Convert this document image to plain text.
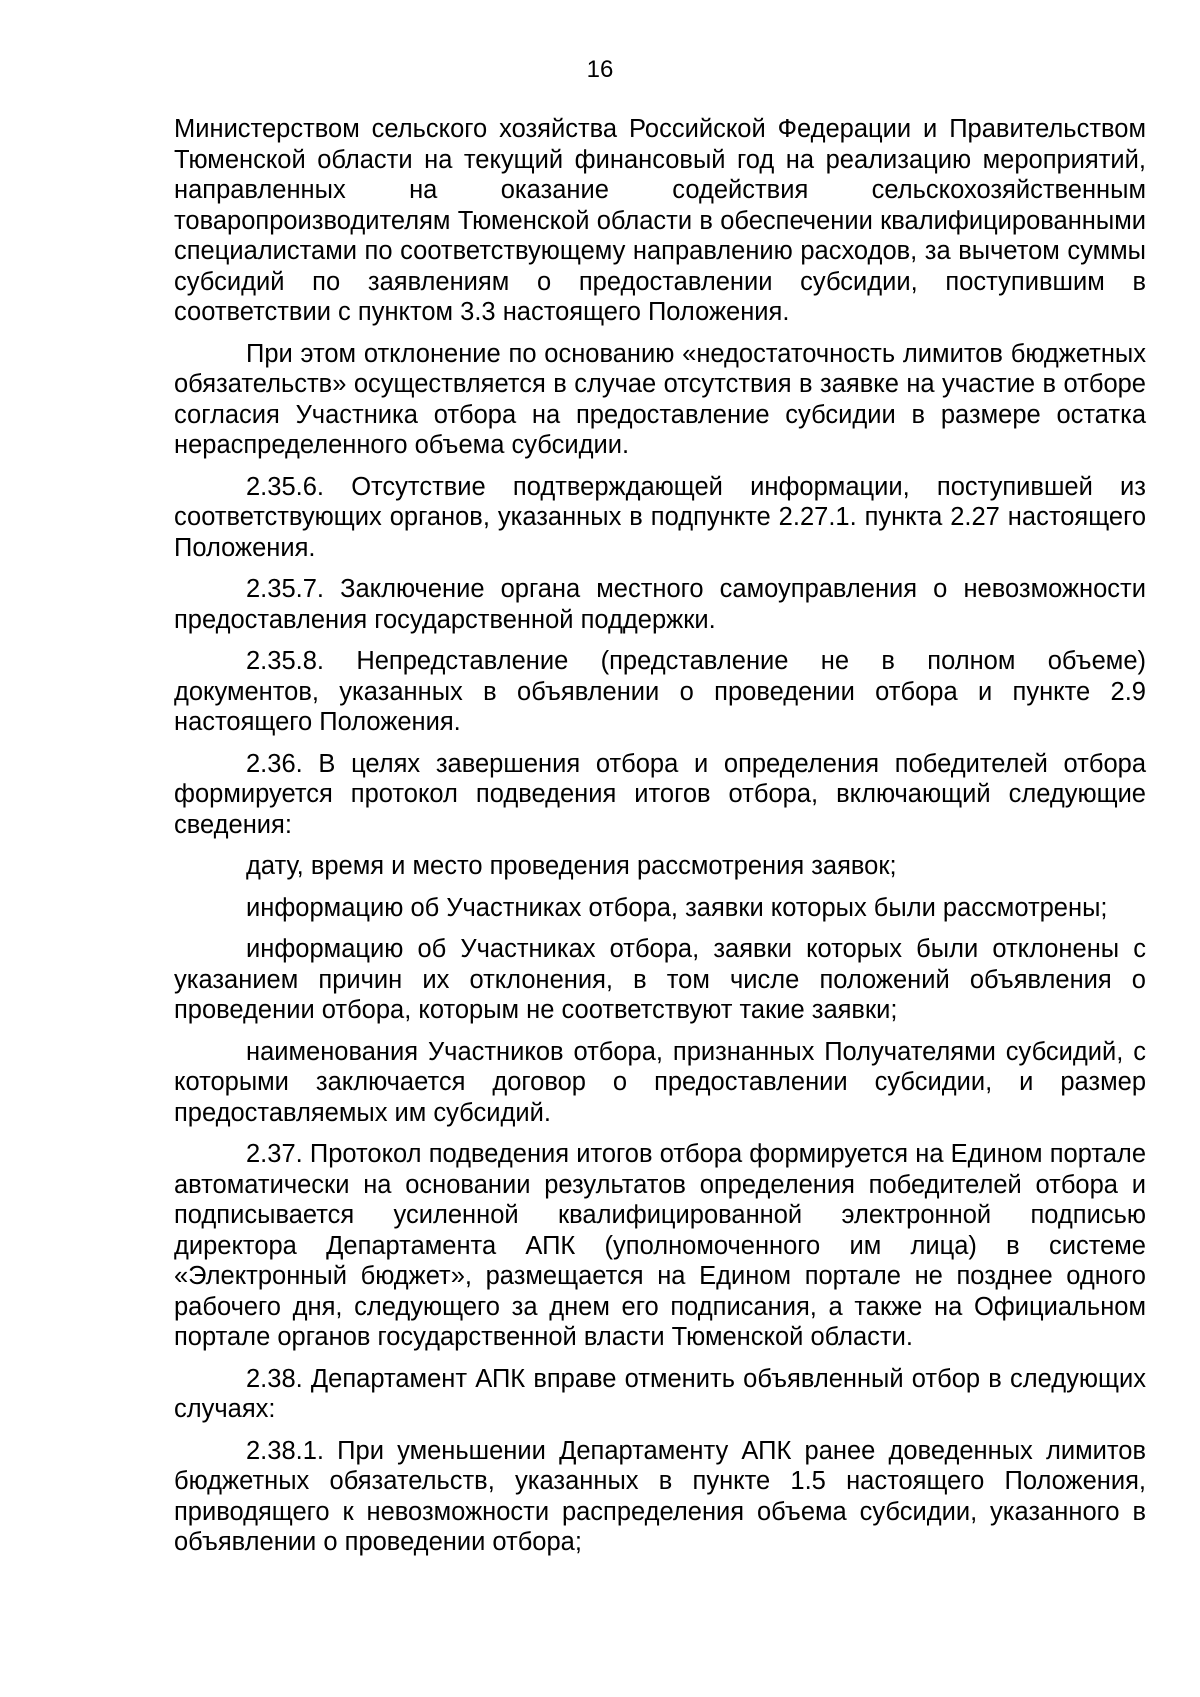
16

Министерством сельского хозяйства Российской Федерации и Правительством Тюменской области на текущий финансовый год на реализацию мероприятий, направленных на оказание содействия сельскохозяйственным товаропроизводителям Тюменской области в обеспечении квалифицированными специалистами по соответствующему направлению расходов, за вычетом суммы субсидий по заявлениям о предоставлении субсидии, поступившим в соответствии с пунктом 3.3 настоящего Положения.

При этом отклонение по основанию «недостаточность лимитов бюджетных обязательств» осуществляется в случае отсутствия в заявке на участие в отборе согласия Участника отбора на предоставление субсидии в размере остатка нераспределенного объема субсидии.

2.35.6. Отсутствие подтверждающей информации, поступившей из соответствующих органов, указанных в подпункте 2.27.1. пункта 2.27 настоящего Положения.

2.35.7. Заключение органа местного самоуправления о невозможности предоставления государственной поддержки.

2.35.8. Непредставление (представление не в полном объеме) документов, указанных в объявлении о проведении отбора и пункте 2.9 настоящего Положения.

2.36. В целях завершения отбора и определения победителей отбора формируется протокол подведения итогов отбора, включающий следующие сведения:

дату, время и место проведения рассмотрения заявок;

информацию об Участниках отбора, заявки которых были рассмотрены;

информацию об Участниках отбора, заявки которых были отклонены с указанием причин их отклонения, в том числе положений объявления о проведении отбора, которым не соответствуют такие заявки;

наименования Участников отбора, признанных Получателями субсидий, с которыми заключается договор о предоставлении субсидии, и размер предоставляемых им субсидий.

2.37. Протокол подведения итогов отбора формируется на Едином портале автоматически на основании результатов определения победителей отбора и подписывается усиленной квалифицированной электронной подписью директора Департамента АПК (уполномоченного им лица) в системе «Электронный бюджет», размещается на Едином портале не позднее одного рабочего дня, следующего за днем его подписания, а также на Официальном портале органов государственной власти Тюменской области.

2.38. Департамент АПК вправе отменить объявленный отбор в следующих случаях:

2.38.1. При уменьшении Департаменту АПК ранее доведенных лимитов бюджетных обязательств, указанных в пункте 1.5 настоящего Положения, приводящего к невозможности распределения объема субсидии, указанного в объявлении о проведении отбора;
